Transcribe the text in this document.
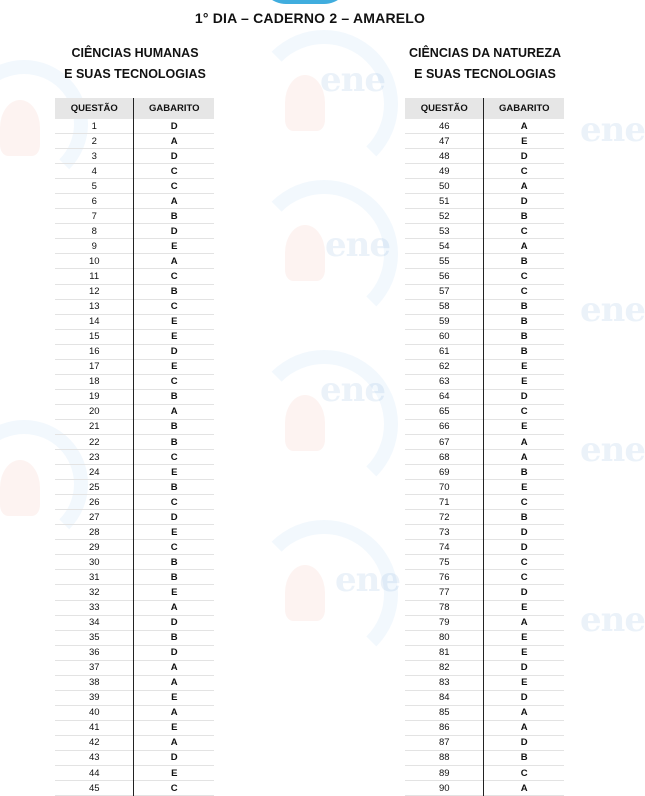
ene
ene
ene
ene
ene
ene
ene
ene
1° DIA – CADERNO 2 – AMARELO
CIÊNCIAS HUMANAS
E SUAS TECNOLOGIAS
QUESTÃO	GABARITO
1	D
2	A
3	D
4	C
5	C
6	A
7	B
8	D
9	E
10	A
11	C
12	B
13	C
14	E
15	E
16	D
17	E
18	C
19	B
20	A
21	B
22	B
23	C
24	E
25	B
26	C
27	D
28	E
29	C
30	B
31	B
32	E
33	A
34	D
35	B
36	D
37	A
38	A
39	E
40	A
41	E
42	A
43	D
44	E
45	C
CIÊNCIAS DA NATUREZA
E SUAS TECNOLOGIAS
QUESTÃO	GABARITO
46	A
47	E
48	D
49	C
50	A
51	D
52	B
53	C
54	A
55	B
56	C
57	C
58	B
59	B
60	B
61	B
62	E
63	E
64	D
65	C
66	E
67	A
68	A
69	B
70	E
71	C
72	B
73	D
74	D
75	C
76	C
77	D
78	E
79	A
80	E
81	E
82	D
83	E
84	D
85	A
86	A
87	D
88	B
89	C
90	A
